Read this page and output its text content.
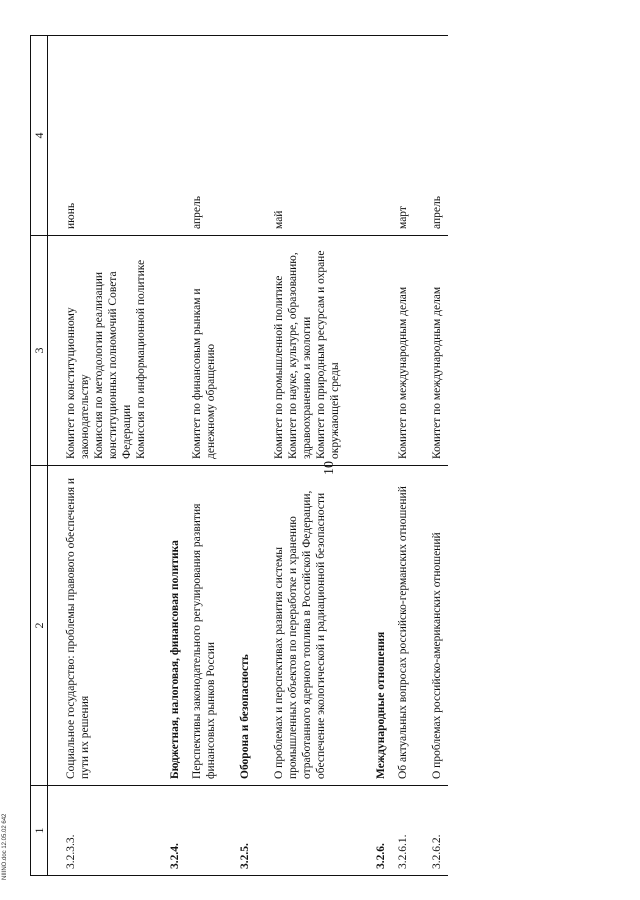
10
1	2	3	4

3.2.3.3.	Социальное государство: проблемы правового обеспечения и пути их решения	Комитет по конституционному законодательству
Комиссия по методологии реализации конституционных полномочий Совета Федерации
Комиссия по информационной политике	июнь

3.2.4.	Бюджетная, налоговая, финансовая политика		
	Перспективы законодательного регулирования развития финансовых рынков России	Комитет по финансовым рынкам и денежному обращению	апрель

3.2.5.	Оборона и безопасность		

	О проблемах и перспективах развития системы промышленных объектов по переработке и хранению отработанного ядерного топлива в Российской Федерации, обеспечение экологической и радиационной безопасности	Комитет по промышленной политике
Комитет по науке, культуре, образованию, здравоохранению и экологии
Комитет по природным ресурсам и охране окружающей среды	май

3.2.6.	Международные отношения		
3.2.6.1.	Об актуальных вопросах российско-германских отношений	Комитет по международным делам	март

3.2.6.2.	О проблемах российско-американских отношений	Комитет по международным делам	апрель
NIIINO.doc 12.05.02 642
